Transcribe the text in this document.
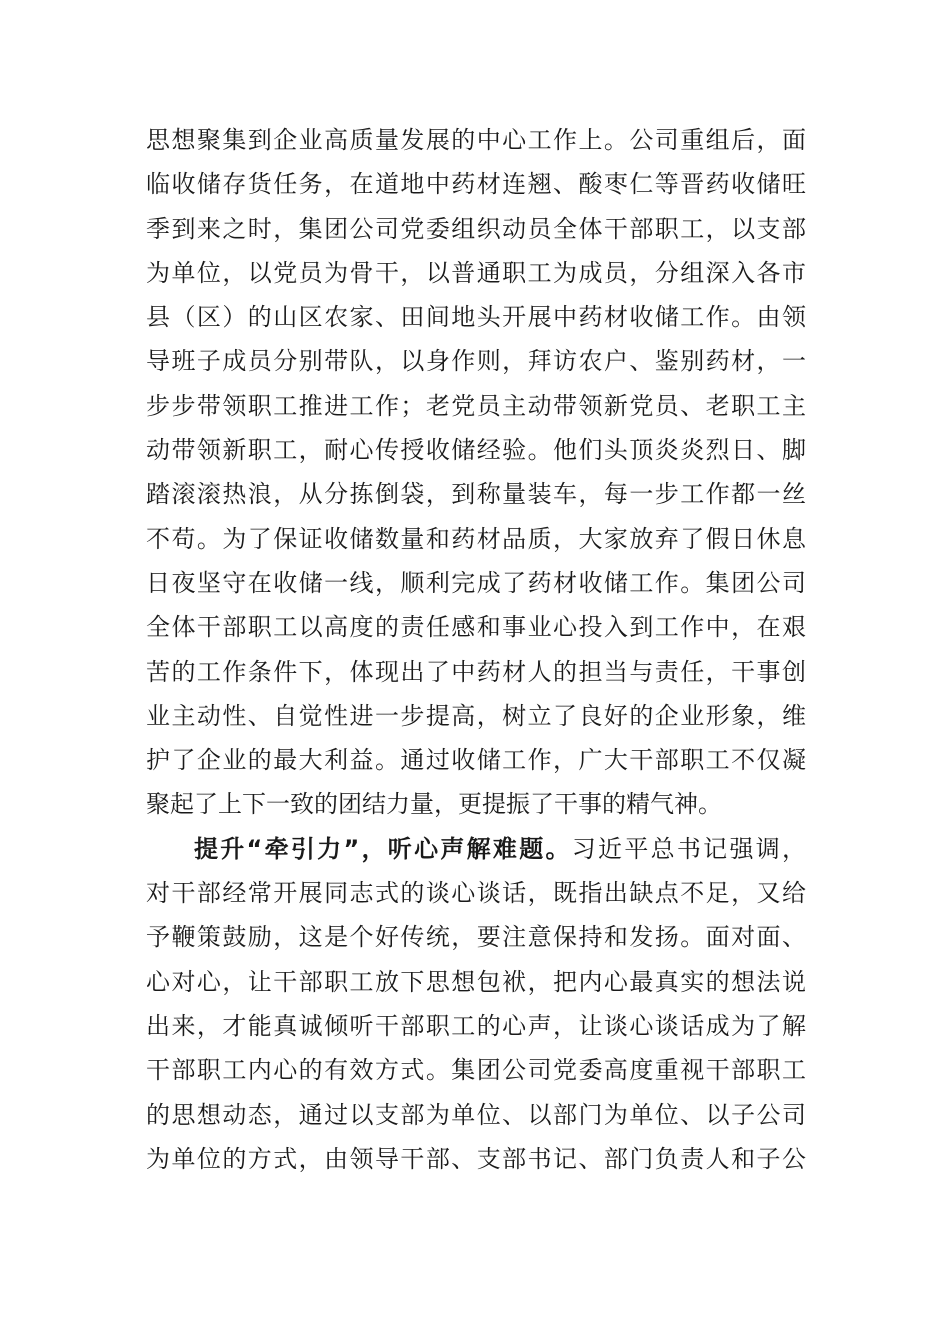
思想聚集到企业高质量发展的中心工作上。公司重组后，面
临收储存货任务，在道地中药材连翘、酸枣仁等晋药收储旺
季到来之时，集团公司党委组织动员全体干部职工，以支部
为单位，以党员为骨干，以普通职工为成员，分组深入各市
县（区）的山区农家、田间地头开展中药材收储工作。由领
导班子成员分别带队，以身作则，拜访农户、鉴别药材，一
步步带领职工推进工作；老党员主动带领新党员、老职工主
动带领新职工，耐心传授收储经验。他们头顶炎炎烈日、脚
踏滚滚热浪，从分拣倒袋，到称量装车，每一步工作都一丝
不苟。为了保证收储数量和药材品质，大家放弃了假日休息
日夜坚守在收储一线，顺利完成了药材收储工作。集团公司
全体干部职工以高度的责任感和事业心投入到工作中，在艰
苦的工作条件下，体现出了中药材人的担当与责任，干事创
业主动性、自觉性进一步提高，树立了良好的企业形象，维
护了企业的最大利益。通过收储工作，广大干部职工不仅凝
聚起了上下一致的团结力量，更提振了干事的精气神。
提升“牵引力”，听心声解难题。习近平总书记强调，
对干部经常开展同志式的谈心谈话，既指出缺点不足，又给
予鞭策鼓励，这是个好传统，要注意保持和发扬。面对面、
心对心，让干部职工放下思想包袱，把内心最真实的想法说
出来，才能真诚倾听干部职工的心声，让谈心谈话成为了解
干部职工内心的有效方式。集团公司党委高度重视干部职工
的思想动态，通过以支部为单位、以部门为单位、以子公司
为单位的方式，由领导干部、支部书记、部门负责人和子公
